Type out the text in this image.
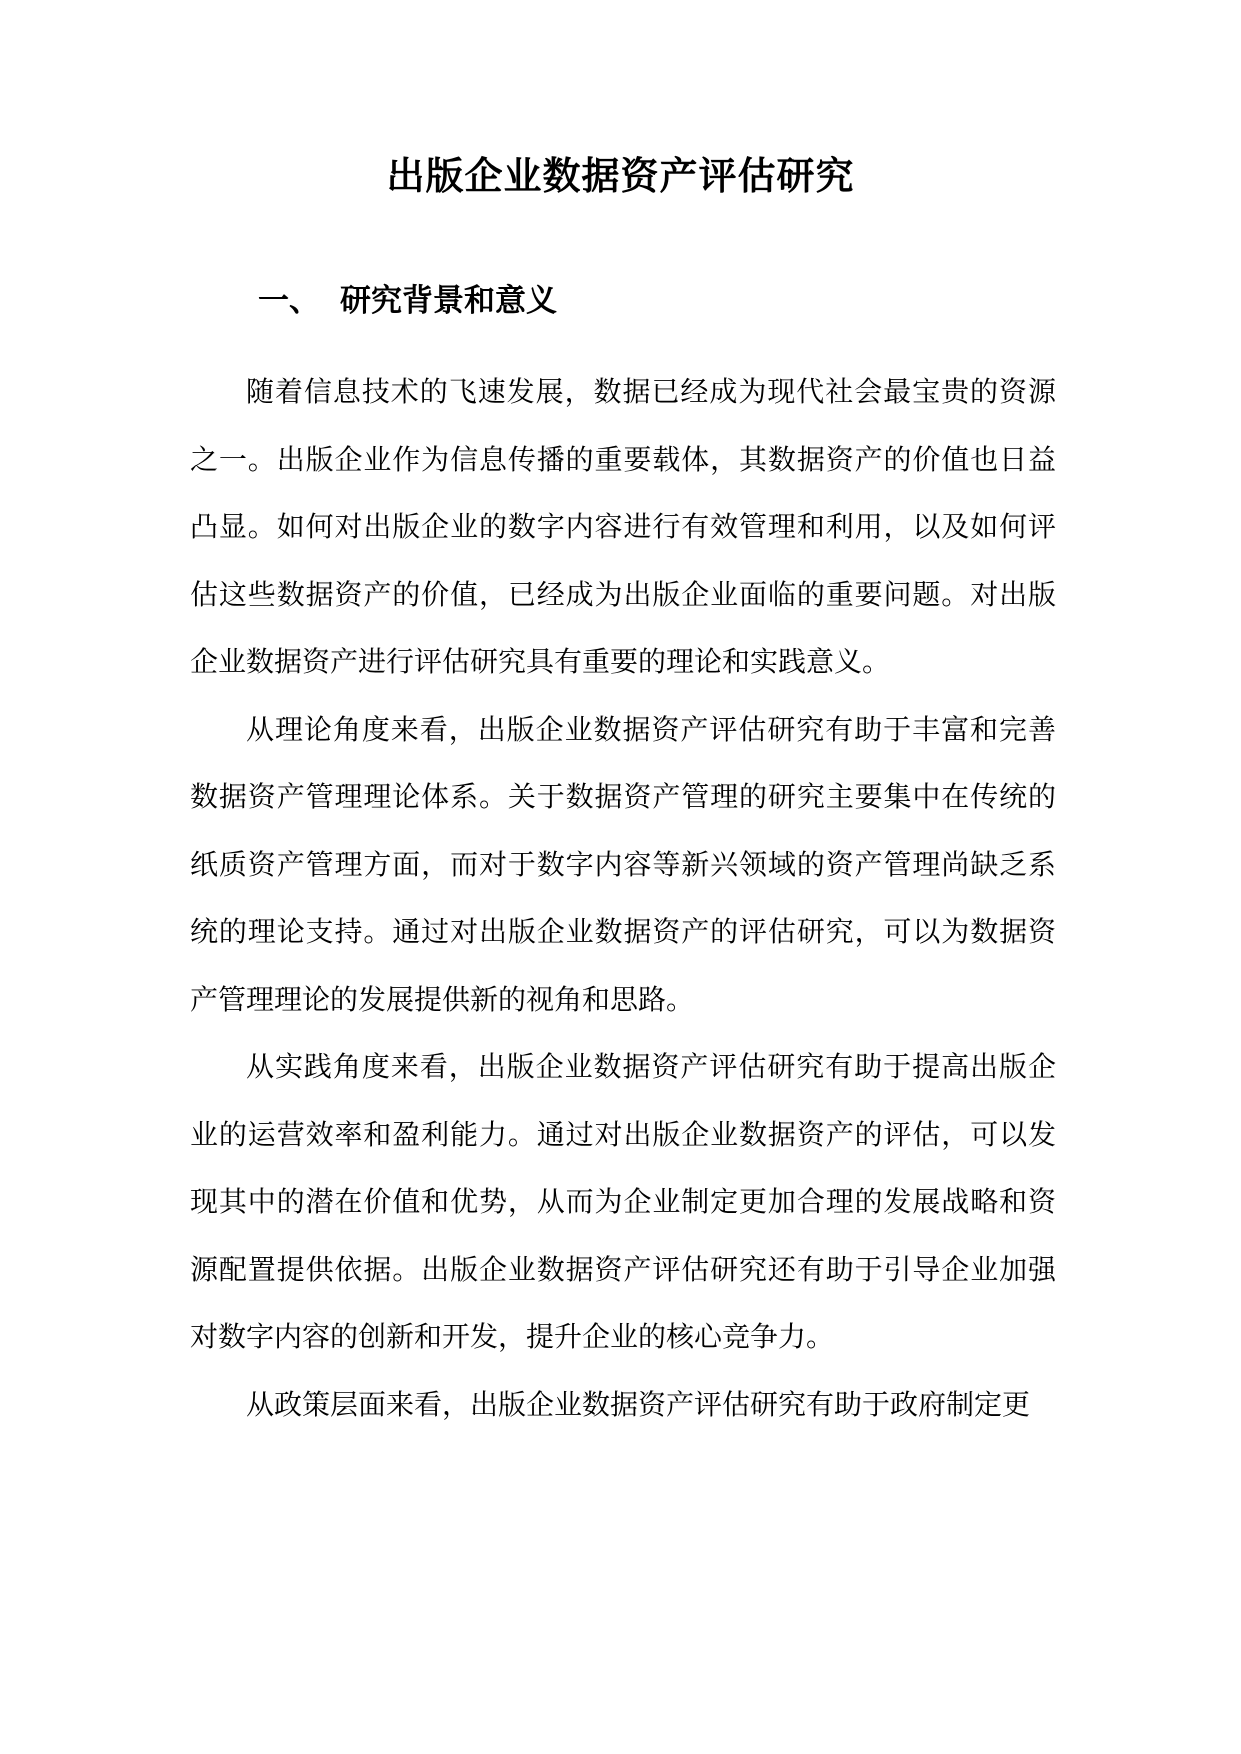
出版企业数据资产评估研究
一、 研究背景和意义

随着信息技术的飞速发展，数据已经成为现代社会最宝贵的资源之一。出版企业作为信息传播的重要载体，其数据资产的价值也日益凸显。如何对出版企业的数字内容进行有效管理和利用，以及如何评估这些数据资产的价值，已经成为出版企业面临的重要问题。对出版企业数据资产进行评估研究具有重要的理论和实践意义。

从理论角度来看，出版企业数据资产评估研究有助于丰富和完善数据资产管理理论体系。关于数据资产管理的研究主要集中在传统的纸质资产管理方面，而对于数字内容等新兴领域的资产管理尚缺乏系统的理论支持。通过对出版企业数据资产的评估研究，可以为数据资产管理理论的发展提供新的视角和思路。

从实践角度来看，出版企业数据资产评估研究有助于提高出版企业的运营效率和盈利能力。通过对出版企业数据资产的评估，可以发现其中的潜在价值和优势，从而为企业制定更加合理的发展战略和资源配置提供依据。出版企业数据资产评估研究还有助于引导企业加强对数字内容的创新和开发，提升企业的核心竞争力。

从政策层面来看，出版企业数据资产评估研究有助于政府制定更
